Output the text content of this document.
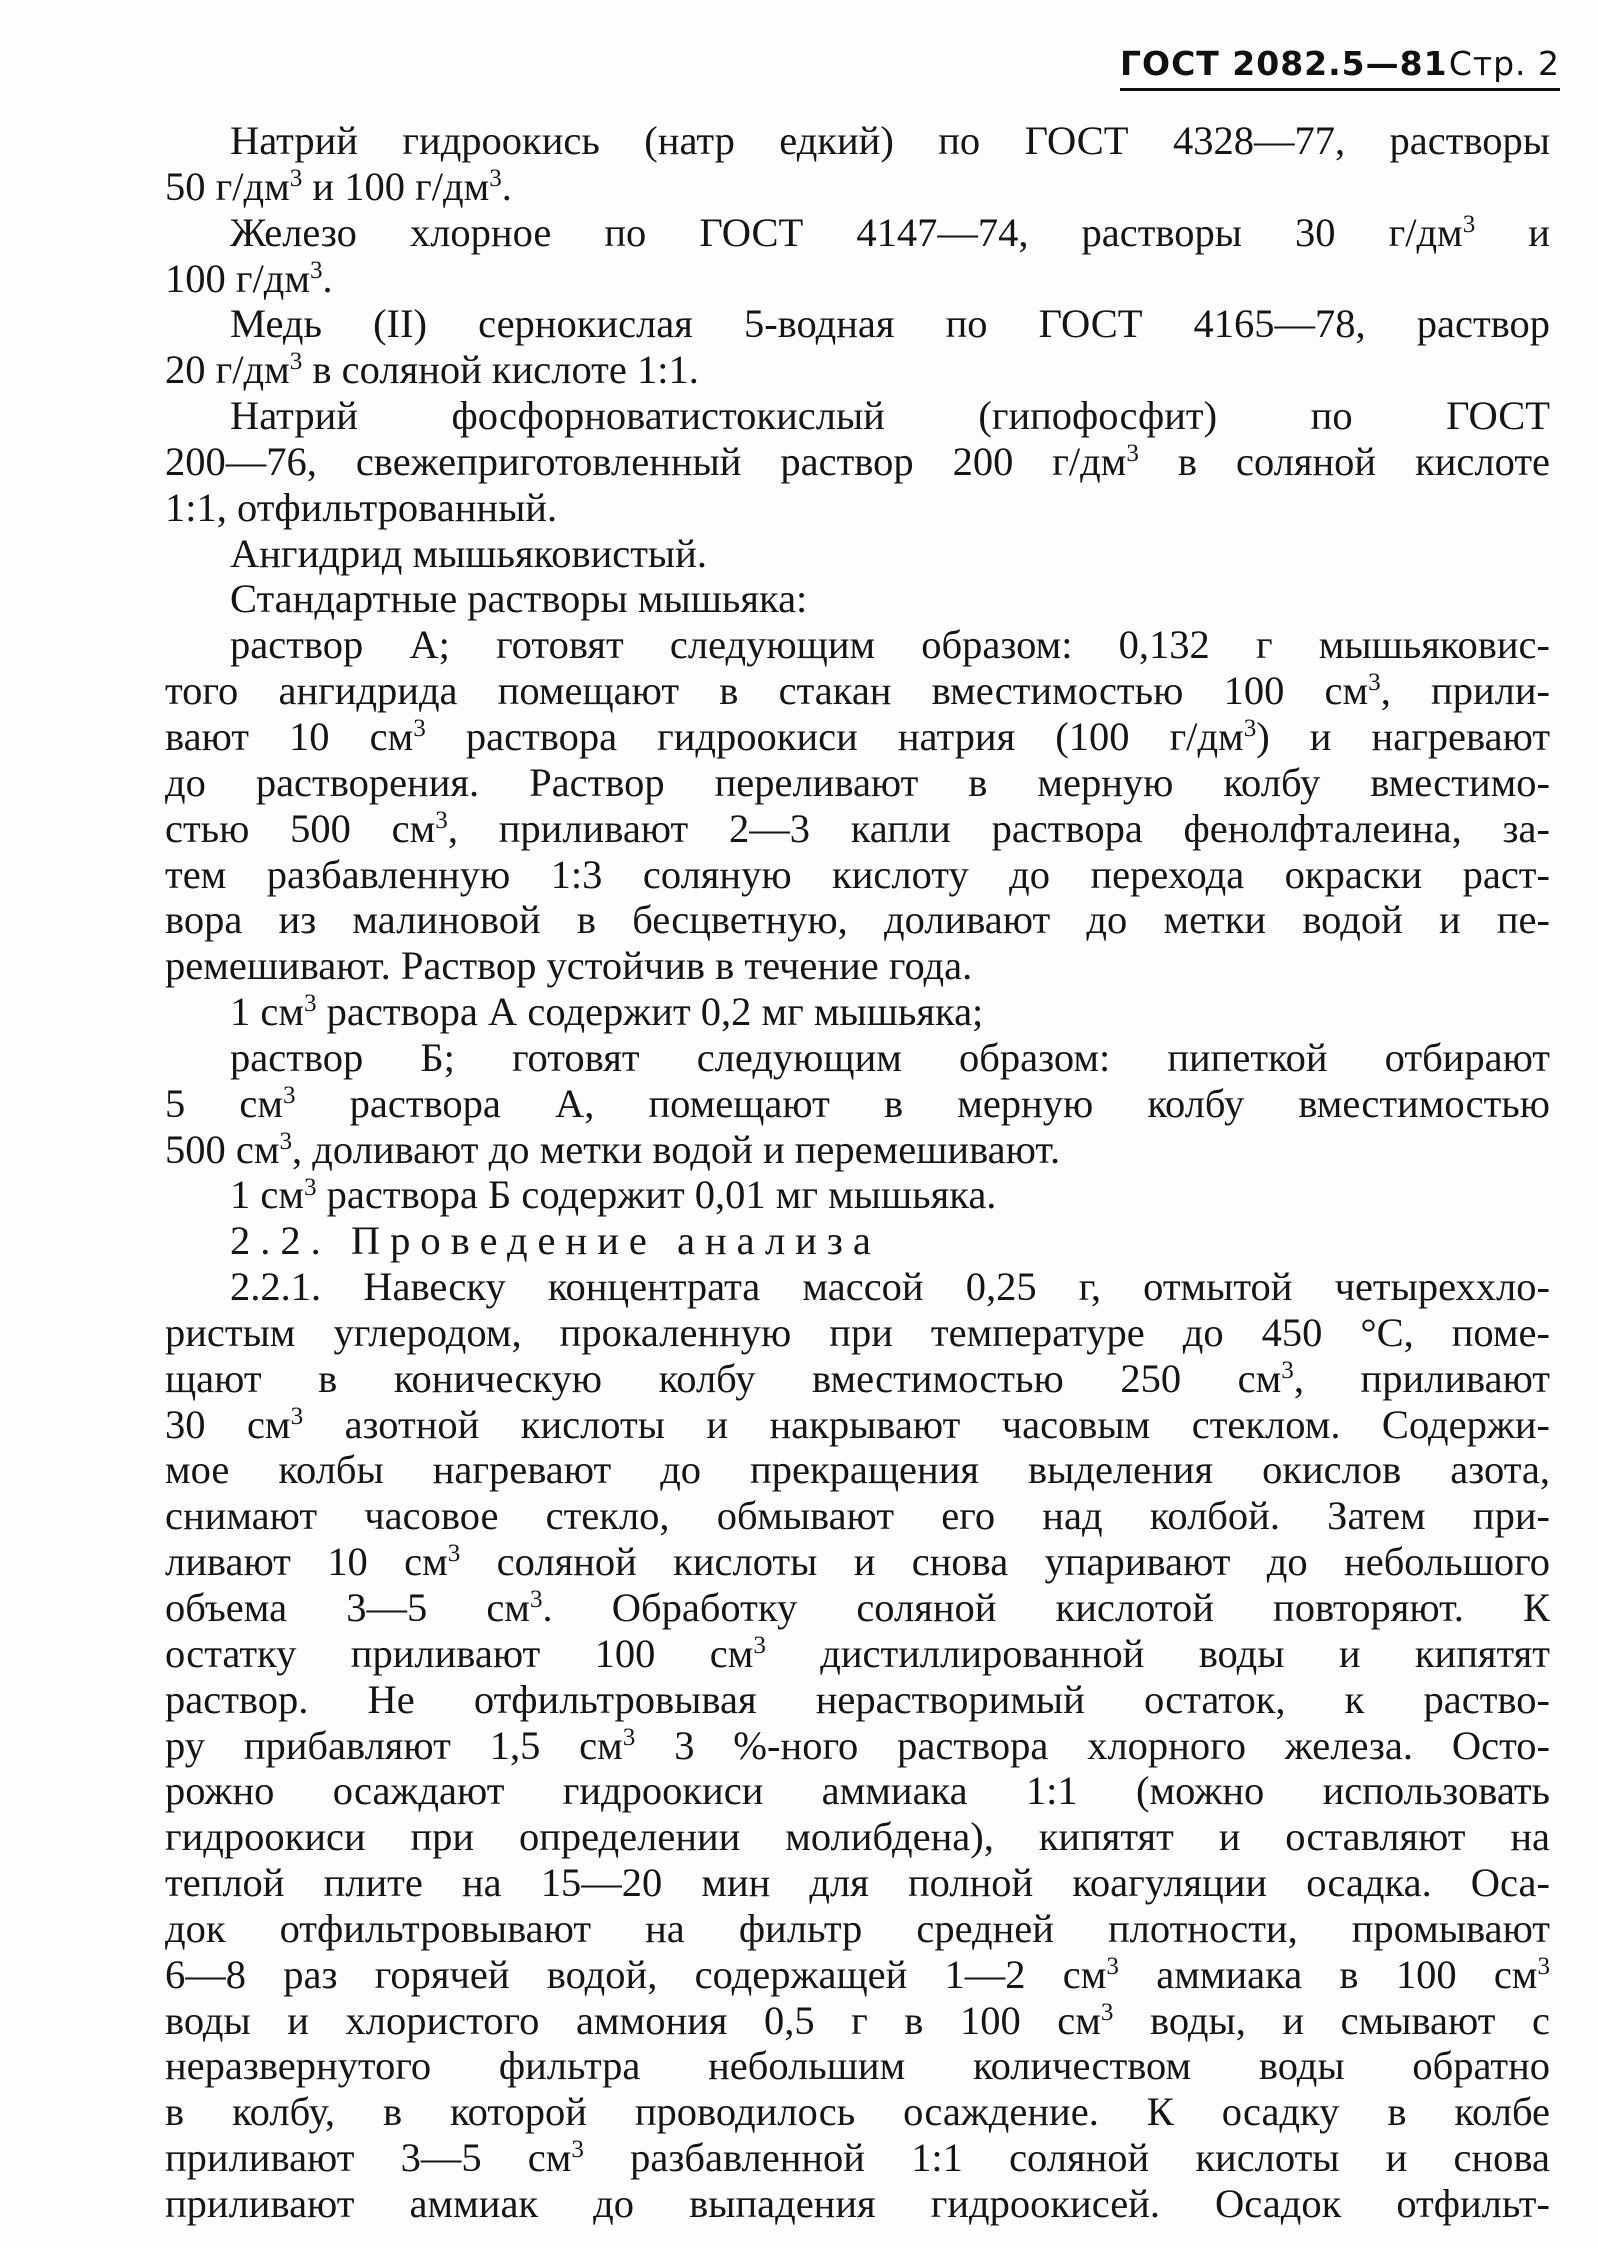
ГОСТ 2082.5—81 Стр. 2
Натрий гидроокись (натр едкий) по ГОСТ 4328—77, растворы
50 $г/дм^3$ и 100 $г/дм^3$.
Железо хлорное по ГОСТ 4147—74, растворы 30 $г/дм^3$ и
100 $г/дм^3$.
Медь (II) сернокислая 5-водная по ГОСТ 4165—78, раствор
20 $г/дм^3$ в соляной кислоте 1:1.
Натрий фосфорноватистокислый (гипофосфит) по ГОСТ
200—76, свежеприготовленный раствор 200 $г/дм^3$ в соляной кислоте
1:1, отфильтрованный.
Ангидрид мышьяковистый.
Стандартные растворы мышьяка:
раствор А; готовят следующим образом: 0,132 г мышьяковис-
того ангидрида помещают в стакан вместимостью 100 $см^3$, прили-
вают 10 $см^3$ раствора гидроокиси натрия (100 $г/дм^3$) и нагревают
до растворения. Раствор переливают в мерную колбу вместимо-
стью 500 $см^3$, приливают 2—3 капли раствора фенолфталеина, за-
тем разбавленную 1:3 соляную кислоту до перехода окраски раст-
вора из малиновой в бесцветную, доливают до метки водой и пе-
ремешивают. Раствор устойчив в течение года.
1 $см^3$ раствора А содержит 0,2 мг мышьяка;
раствор Б; готовят следующим образом: пипеткой отбирают
5 $см^3$ раствора А, помещают в мерную колбу вместимостью
500 $см^3$, доливают до метки водой и перемешивают.
1 $см^3$ раствора Б содержит 0,01 мг мышьяка.
2.2. Проведение анализа
2.2.1. Навеску концентрата массой 0,25 г, отмытой четыреххло-
ристым углеродом, прокаленную при температуре до 450 °С, поме-
щают в коническую колбу вместимостью 250 $см^3$, приливают
30 $см^3$ азотной кислоты и накрывают часовым стеклом. Содержи-
мое колбы нагревают до прекращения выделения окислов азота,
снимают часовое стекло, обмывают его над колбой. Затем при-
ливают 10 $см^3$ соляной кислоты и снова упаривают до небольшого
объема 3—5 $см^3$. Обработку соляной кислотой повторяют. К
остатку приливают 100 $см^3$ дистиллированной воды и кипятят
раствор. Не отфильтровывая нерастворимый остаток, к раство-
ру прибавляют 1,5 $см^3$ 3 %-ного раствора хлорного железа. Осто-
рожно осаждают гидроокиси аммиака 1:1 (можно использовать
гидроокиси при определении молибдена), кипятят и оставляют на
теплой плите на 15—20 мин для полной коагуляции осадка. Оса-
док отфильтровывают на фильтр средней плотности, промывают
6—8 раз горячей водой, содержащей 1—2 $см^3$ аммиака в 100 $см^3$
воды и хлористого аммония 0,5 г в 100 $см^3$ воды, и смывают с
неразвернутого фильтра небольшим количеством воды обратно
в колбу, в которой проводилось осаждение. К осадку в колбе
приливают 3—5 $см^3$ разбавленной 1:1 соляной кислоты и снова
приливают аммиак до выпадения гидроокисей. Осадок отфильт-
